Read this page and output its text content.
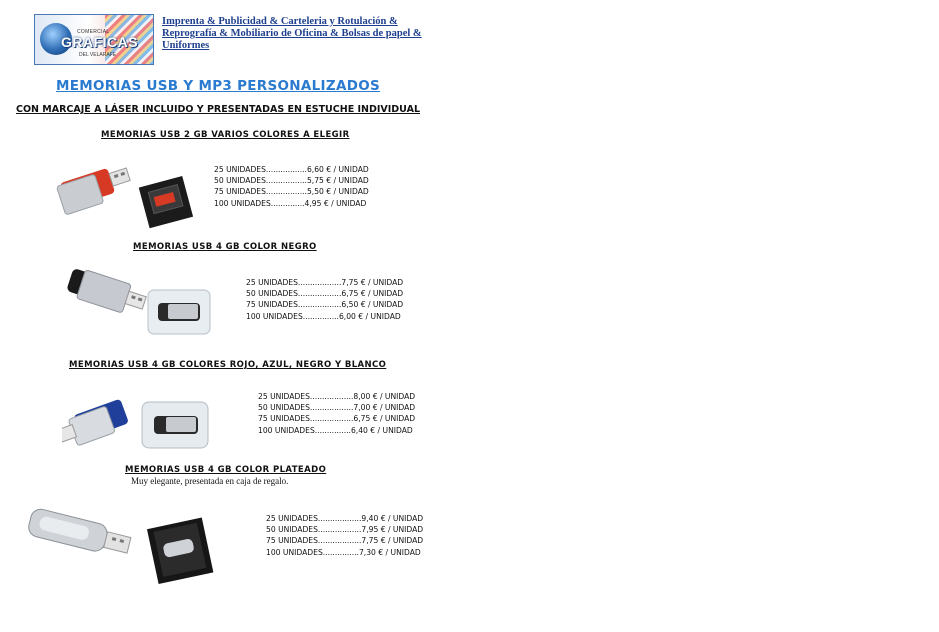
COMERCIAL
GRAFICAS
DEL VELARAFE
Imprenta & Publicidad & Carteleria y Rotulación & Reprografía & Mobiliario de Oficina & Bolsas de papel & Uniformes
MEMORIAS USB Y MP3 PERSONALIZADOS
CON MARCAJE A LÁSER INCLUIDO Y PRESENTADAS EN ESTUCHE INDIVIDUAL
MEMORIAS USB 2 GB VARIOS COLORES A ELEGIR
25 UNIDADES.................6,60 € / UNIDAD
50 UNIDADES.................5,75 € / UNIDAD
75 UNIDADES.................5,50 € / UNIDAD
100 UNIDADES..............4,95 € / UNIDAD
MEMORIAS USB 4 GB COLOR NEGRO
25 UNIDADES..................7,75 € / UNIDAD
50 UNIDADES..................6,75 € / UNIDAD
75 UNIDADES..................6,50 € / UNIDAD
100 UNIDADES...............6,00 € / UNIDAD
MEMORIAS USB 4 GB COLORES ROJO, AZUL, NEGRO Y BLANCO
25 UNIDADES..................8,00 € / UNIDAD
50 UNIDADES..................7,00 € / UNIDAD
75 UNIDADES..................6,75 € / UNIDAD
100 UNIDADES...............6,40 € / UNIDAD
MEMORIAS USB 4 GB COLOR PLATEADO
Muy elegante, presentada en caja de regalo.
25 UNIDADES..................9,40 € / UNIDAD
50 UNIDADES..................7,95 € / UNIDAD
75 UNIDADES..................7,75 € / UNIDAD
100 UNIDADES...............7,30 € / UNIDAD
